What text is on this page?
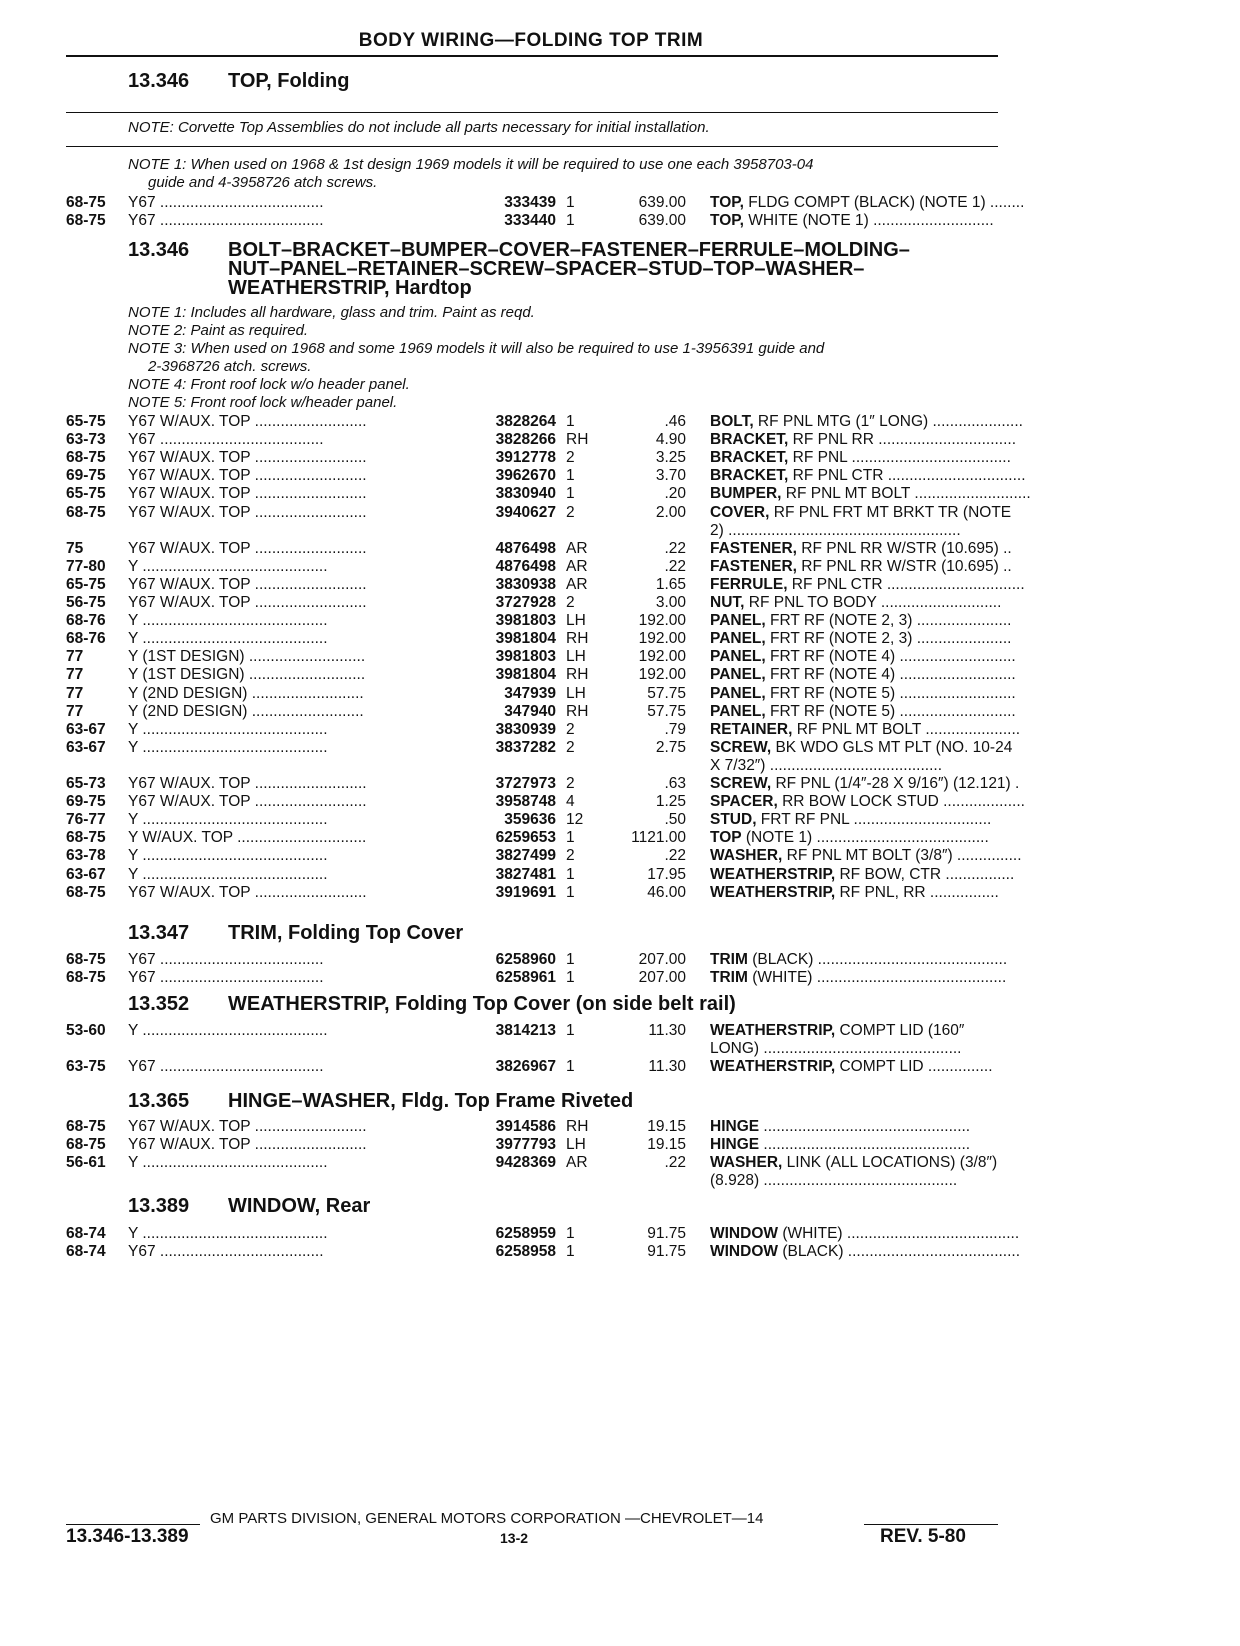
BODY WIRING—FOLDING TOP TRIM
13.346 TOP, Folding
NOTE: Corvette Top Assemblies do not include all parts necessary for initial installation.
NOTE 1: When used on 1968 & 1st design 1969 models it will be required to use one each 3958703-04
guide and 4-3958726 atch screws.
68-75 Y67 ......................................	333439 1	639.00 TOP, FLDG COMPT (BLACK) (NOTE 1) ........
68-75 Y67 ......................................	333440 1	639.00 TOP, WHITE (NOTE 1) ............................
13.346 BOLT–BRACKET–BUMPER–COVER–FASTENER–FERRULE–MOLDING–
NUT–PANEL–RETAINER–SCREW–SPACER–STUD–TOP–WASHER–
WEATHERSTRIP, Hardtop
NOTE 1: Includes all hardware, glass and trim. Paint as reqd.
NOTE 2: Paint as required.
NOTE 3: When used on 1968 and some 1969 models it will also be required to use 1-3956391 guide and
2-3968726 atch. screws.
NOTE 4: Front roof lock w/o header panel.
NOTE 5: Front roof lock w/header panel.
65-75 Y67 W/AUX. TOP ..........................	3828264 1	.46 BOLT, RF PNL MTG (1″ LONG) .....................
63-73 Y67 ......................................	3828266 RH	4.90 BRACKET, RF PNL RR ................................
68-75 Y67 W/AUX. TOP ..........................	3912778 2	3.25 BRACKET, RF PNL .....................................
69-75 Y67 W/AUX. TOP ..........................	3962670 1	3.70 BRACKET, RF PNL CTR ................................
65-75 Y67 W/AUX. TOP ..........................	3830940 1	.20 BUMPER, RF PNL MT BOLT ...........................
68-75 Y67 W/AUX. TOP ..........................	3940627 2	2.00 COVER, RF PNL FRT MT BRKT TR (NOTE
2) ......................................................
75	Y67 W/AUX. TOP ..........................	4876498 AR	.22 FASTENER, RF PNL RR W/STR (10.695) ..
77-80 Y ...........................................	4876498 AR	.22 FASTENER, RF PNL RR W/STR (10.695) ..
65-75 Y67 W/AUX. TOP ..........................	3830938 AR	1.65 FERRULE, RF PNL CTR ................................
56-75 Y67 W/AUX. TOP ..........................	3727928 2	3.00 NUT, RF PNL TO BODY ............................
68-76 Y ...........................................	3981803 LH	192.00 PANEL, FRT RF (NOTE 2, 3) ......................
68-76 Y ...........................................	3981804 RH	192.00 PANEL, FRT RF (NOTE 2, 3) ......................
77	Y (1ST DESIGN) ...........................	3981803 LH	192.00 PANEL, FRT RF (NOTE 4) ...........................
77	Y (1ST DESIGN) ...........................	3981804 RH	192.00 PANEL, FRT RF (NOTE 4) ...........................
77	Y (2ND DESIGN) ..........................	347939 LH	57.75 PANEL, FRT RF (NOTE 5) ...........................
77	Y (2ND DESIGN) ..........................	347940 RH	57.75 PANEL, FRT RF (NOTE 5) ...........................
63-67 Y ...........................................	3830939 2	.79 RETAINER, RF PNL MT BOLT ......................
63-67 Y ...........................................	3837282 2	2.75 SCREW, BK WDO GLS MT PLT (NO. 10-24
X 7/32″) ........................................
65-73 Y67 W/AUX. TOP ..........................	3727973 2	.63 SCREW, RF PNL (1/4″-28 X 9/16″) (12.121) .
69-75 Y67 W/AUX. TOP ..........................	3958748 4	1.25 SPACER, RR BOW LOCK STUD ...................
76-77 Y ...........................................	359636 12	.50 STUD, FRT RF PNL ................................
68-75 Y W/AUX. TOP ..............................	6259653 1	1121.00 TOP (NOTE 1) ........................................
63-78 Y ...........................................	3827499 2	.22 WASHER, RF PNL MT BOLT (3/8″) ...............
63-67 Y ...........................................	3827481 1	17.95 WEATHERSTRIP, RF BOW, CTR ................
68-75 Y67 W/AUX. TOP ..........................	3919691 1	46.00 WEATHERSTRIP, RF PNL, RR ................
13.347 TRIM, Folding Top Cover
68-75 Y67 ......................................	6258960 1	207.00 TRIM (BLACK) ............................................
68-75 Y67 ......................................	6258961 1	207.00 TRIM (WHITE) ............................................
13.352 WEATHERSTRIP, Folding Top Cover (on side belt rail)
53-60 Y ...........................................	3814213 1	11.30 WEATHERSTRIP, COMPT LID (160″
LONG) ..............................................
63-75 Y67 ......................................	3826967 1	11.30 WEATHERSTRIP, COMPT LID ...............
13.365 HINGE–WASHER, Fldg. Top Frame Riveted
68-75 Y67 W/AUX. TOP ..........................	3914586 RH	19.15 HINGE ................................................
68-75 Y67 W/AUX. TOP ..........................	3977793 LH	19.15 HINGE ................................................
56-61 Y ...........................................	9428369 AR	.22 WASHER, LINK (ALL LOCATIONS) (3/8″)
(8.928) .............................................
13.389 WINDOW, Rear
68-74 Y ...........................................	6258959 1	91.75 WINDOW (WHITE) ........................................
68-74 Y67 ......................................	6258958 1	91.75 WINDOW (BLACK) ........................................
GM PARTS DIVISION, GENERAL MOTORS CORPORATION —CHEVROLET—14
13.346-13.389	13-2	REV. 5-80
